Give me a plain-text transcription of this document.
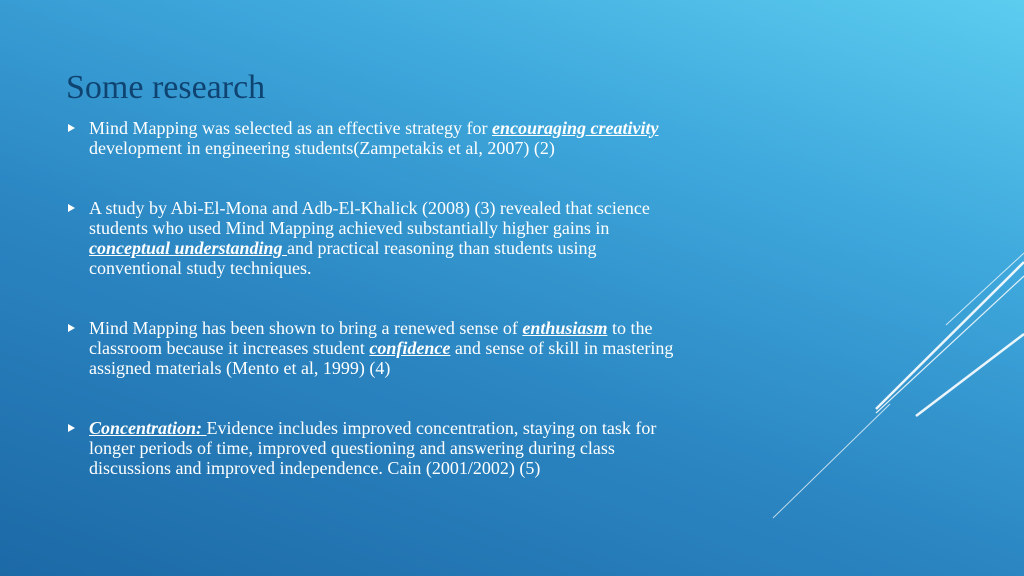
Some research
Mind Mapping was selected as an effective strategy for encouraging creativity
development in engineering students(Zampetakis et al, 2007) (2)
A study by Abi-El-Mona and Adb-El-Khalick (2008) (3) revealed that science
students who used Mind Mapping achieved substantially higher gains in
conceptual understanding and practical reasoning than students using
conventional study techniques.
Mind Mapping has been shown to bring a renewed sense of enthusiasm to the
classroom because it increases student confidence and sense of skill in mastering
assigned materials (Mento et al, 1999) (4)
Concentration: Evidence includes improved concentration, staying on task for
longer periods of time, improved questioning and answering during class
discussions and improved independence. Cain (2001/2002) (5)
